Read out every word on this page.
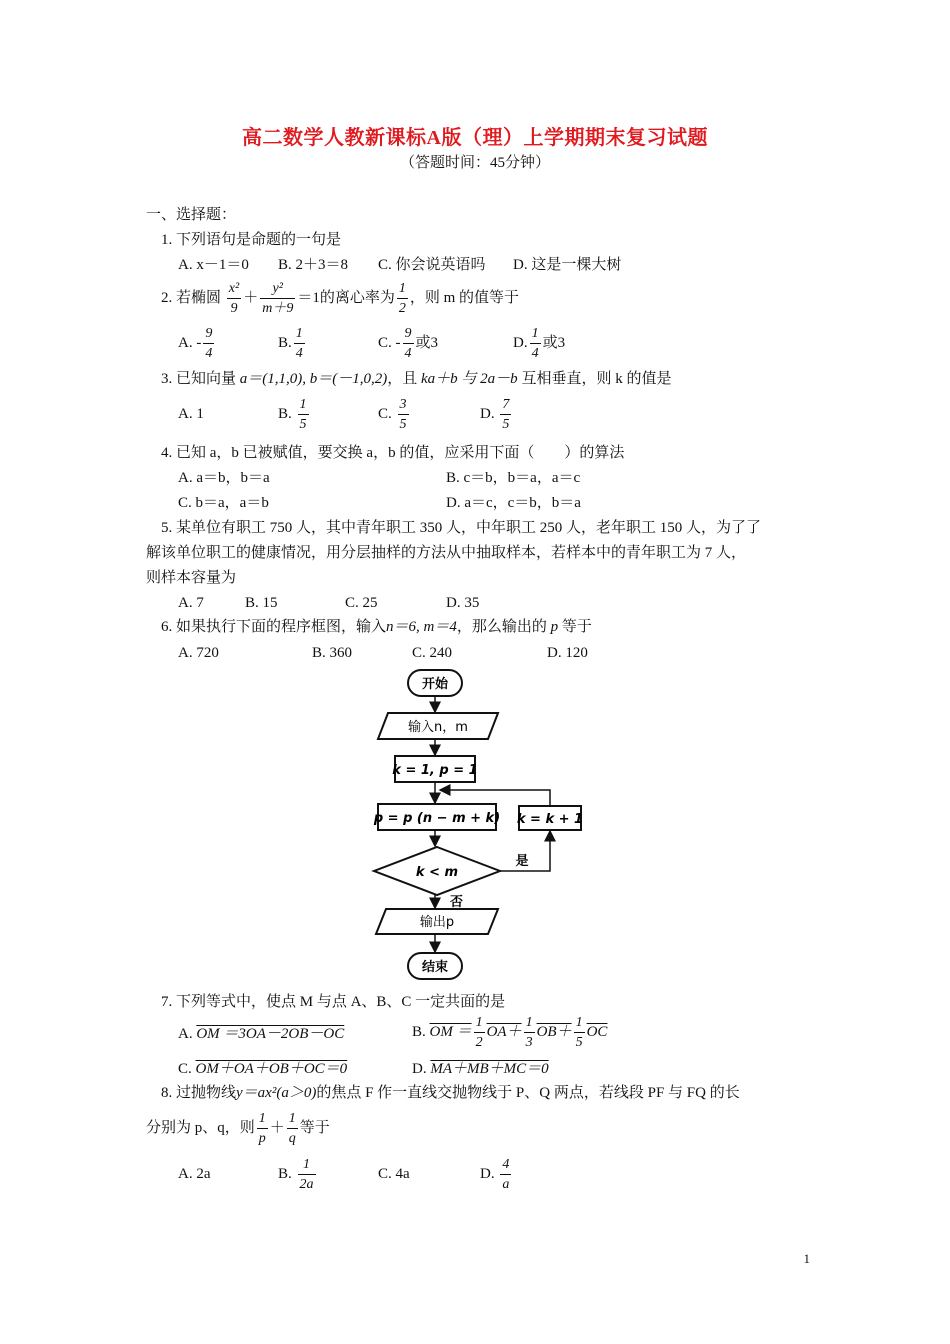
高二数学人教新课标A版（理）上学期期末复习试题
（答题时间：45分钟）
一、选择题：
1. 下列语句是命题的一句是
A. x－1＝0 B. 2＋3＝8 C. 你会说英语吗 D. 这是一棵大树
2. 若椭圆 $\frac{\text{x²}}{9} + \frac{\text{y²}}{m+9} =1$的离心率为 $\frac{1}{2}$ ，则 m 的值等于
A. - $\frac{9}{4}$	B. $\frac{1}{4}$	C. - $\frac{9}{4}$ 或3	D. $\frac{1}{4}$ 或3
3. 已知向量 a＝(1,1,0), b＝(－1,0,2)，且 ka＋b 与 2a－b 互相垂直，则 k 的值是
A. 1	B. $\frac{1}{5}$	C. $\frac{3}{5}$	D. $\frac{7}{5}$
4. 已知 a，b 已被赋值，要交换 a，b 的值，应采用下面（　　）的算法
A. a＝b，b＝a	B. c＝b，b＝a，a＝c
C. b＝a，a＝b	D. a＝c，c＝b，b＝a
5. 某单位有职工 750 人，其中青年职工 350 人，中年职工 250 人，老年职工 150 人，为了了
解该单位职工的健康情况，用分层抽样的方法从中抽取样本，若样本中的青年职工为 7 人，
则样本容量为
A. 7	B. 15	C. 25	D. 35
6. 如果执行下面的程序框图，输入n＝6, m＝4，那么输出的 p 等于
A. 720	B. 360	C. 240	D. 120
开始
输入n，m
k = 1, p = 1
p = p (n − m + k) k = k + 1
k < m
是
否
输出p
结束
7. 下列等式中，使点 M 与点 A、B、C 一定共面的是
A. OM ＝3OA－2OB－OC	B. OM ＝ $\frac{1}{2} OA+ \frac{1}{3} OB+ \frac{1}{5} \overline{OC}$
C. OM＋OA＋OB＋OC＝0	D. MA＋MB＋MC＝0
8. 过抛物线y＝ax²(a＞0)的焦点 F 作一直线交抛物线于 P、Q 两点，若线段 PF 与 FQ 的长
分别为 p、q，则 $\frac{1}{p} + \frac{1}{q}$ 等于
A. 2a	B. $\frac{1}{2a}$	C. 4a	D. $\frac{4}{a}$
1
